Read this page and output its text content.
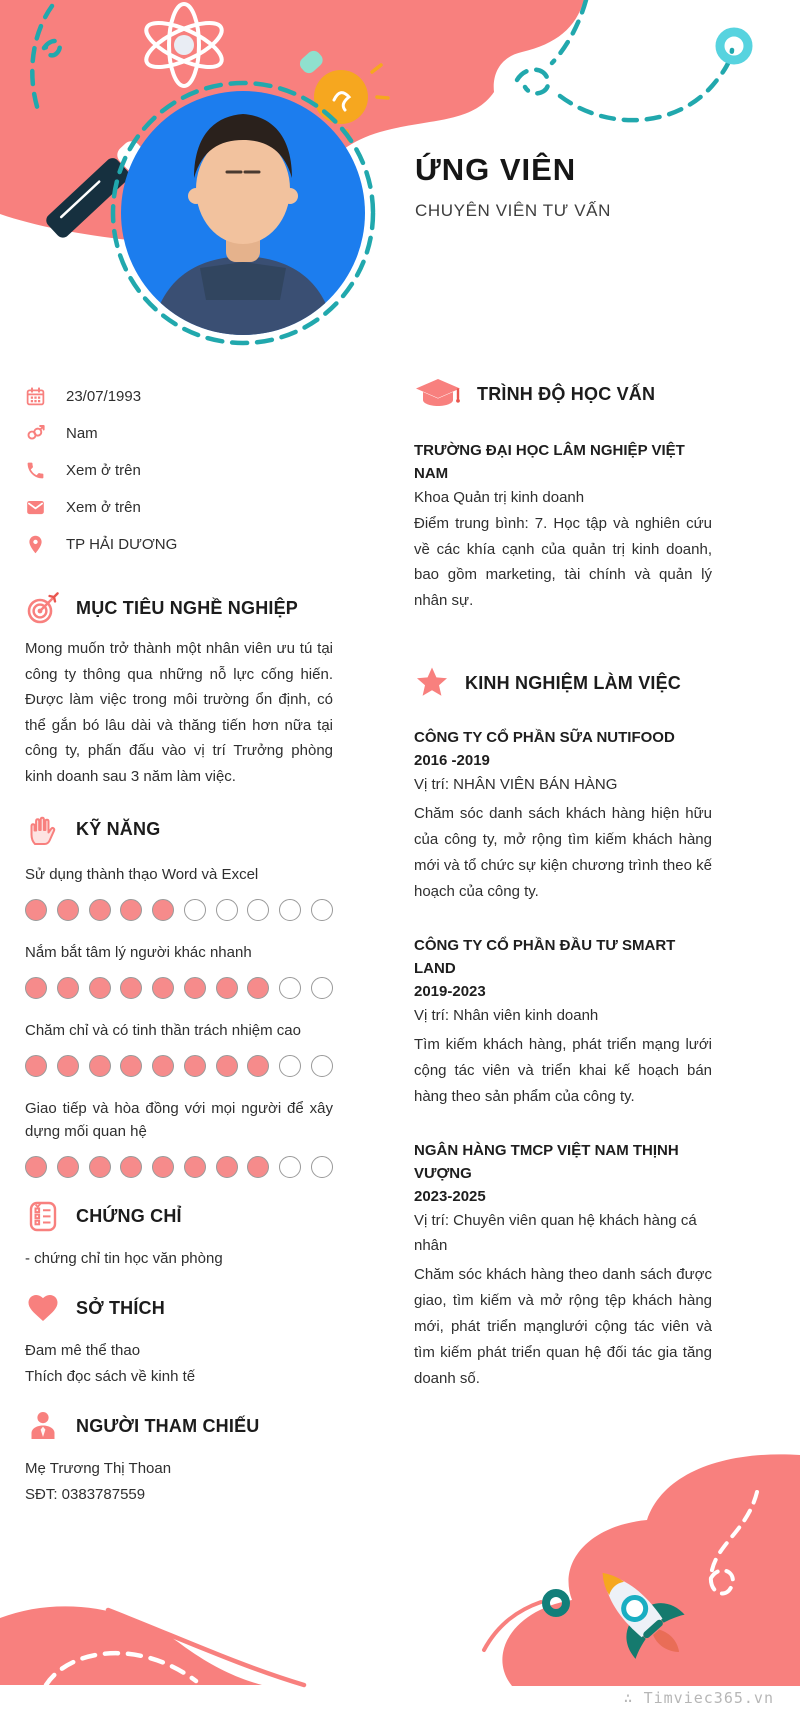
ỨNG VIÊN
CHUYÊN VIÊN TƯ VẤN
23/07/1993
Nam
Xem ở trên
Xem ở trên
TP HẢI DƯƠNG
MỤC TIÊU NGHỀ NGHIỆP

Mong muốn trở thành một nhân viên ưu tú tại công ty thông qua những nỗ lực cống hiến. Được làm việc trong môi trường ổn định, có thể gắn bó lâu dài và thăng tiến hơn nữa tại công ty, phấn đấu vào vị trí Trưởng phòng kinh doanh sau 3 năm làm việc.

KỸ NĂNG
Sử dụng thành thạo Word và Excel
Nắm bắt tâm lý người khác nhanh
Chăm chỉ và có tinh thần trách nhiệm cao
Giao tiếp và hòa đồng với mọi người để xây dựng mối quan hệ
CHỨNG CHỈ

- chứng chỉ tin học văn phòng

SỞ THÍCH

Đam mê thể thao

Thích đọc sách về kinh tế

NGƯỜI THAM CHIẾU

Mẹ Trương Thị Thoan

SĐT: 0383787559

TRÌNH ĐỘ HỌC VẤN

TRƯỜNG ĐẠI HỌC LÂM NGHIỆP VIỆT NAM

Khoa Quản trị kinh doanh

Điểm trung bình: 7. Học tập và nghiên cứu về các khía cạnh của quản trị kinh doanh, bao gồm marketing, tài chính và quản lý nhân sự.

KINH NGHIỆM LÀM VIỆC
CÔNG TY CỔ PHẦN SỮA NUTIFOOD
2016 -2019
Vị trí: NHÂN VIÊN BÁN HÀNG

Chăm sóc danh sách khách hàng hiện hữu của công ty, mở rộng tìm kiếm khách hàng mới và tổ chức sự kiện chương trình theo kế hoạch của công ty.

CÔNG TY CỔ PHẦN ĐẦU TƯ SMART LAND
2019-2023
Vị trí: Nhân viên kinh doanh

Tìm kiếm khách hàng, phát triển mạng lưới cộng tác viên và triển khai kế hoạch bán hàng theo sản phẩm của công ty.

NGÂN HÀNG TMCP VIỆT NAM THỊNH VƯỢNG
2023-2025
Vị trí: Chuyên viên quan hệ khách hàng cá nhân

Chăm sóc khách hàng theo danh sách được giao, tìm kiếm và mở rộng tệp khách hàng mới, phát triển mạnglưới cộng tác viên và tìm kiếm phát triển quan hệ đối tác gia tăng doanh số.

∴ Timviec365.vn
